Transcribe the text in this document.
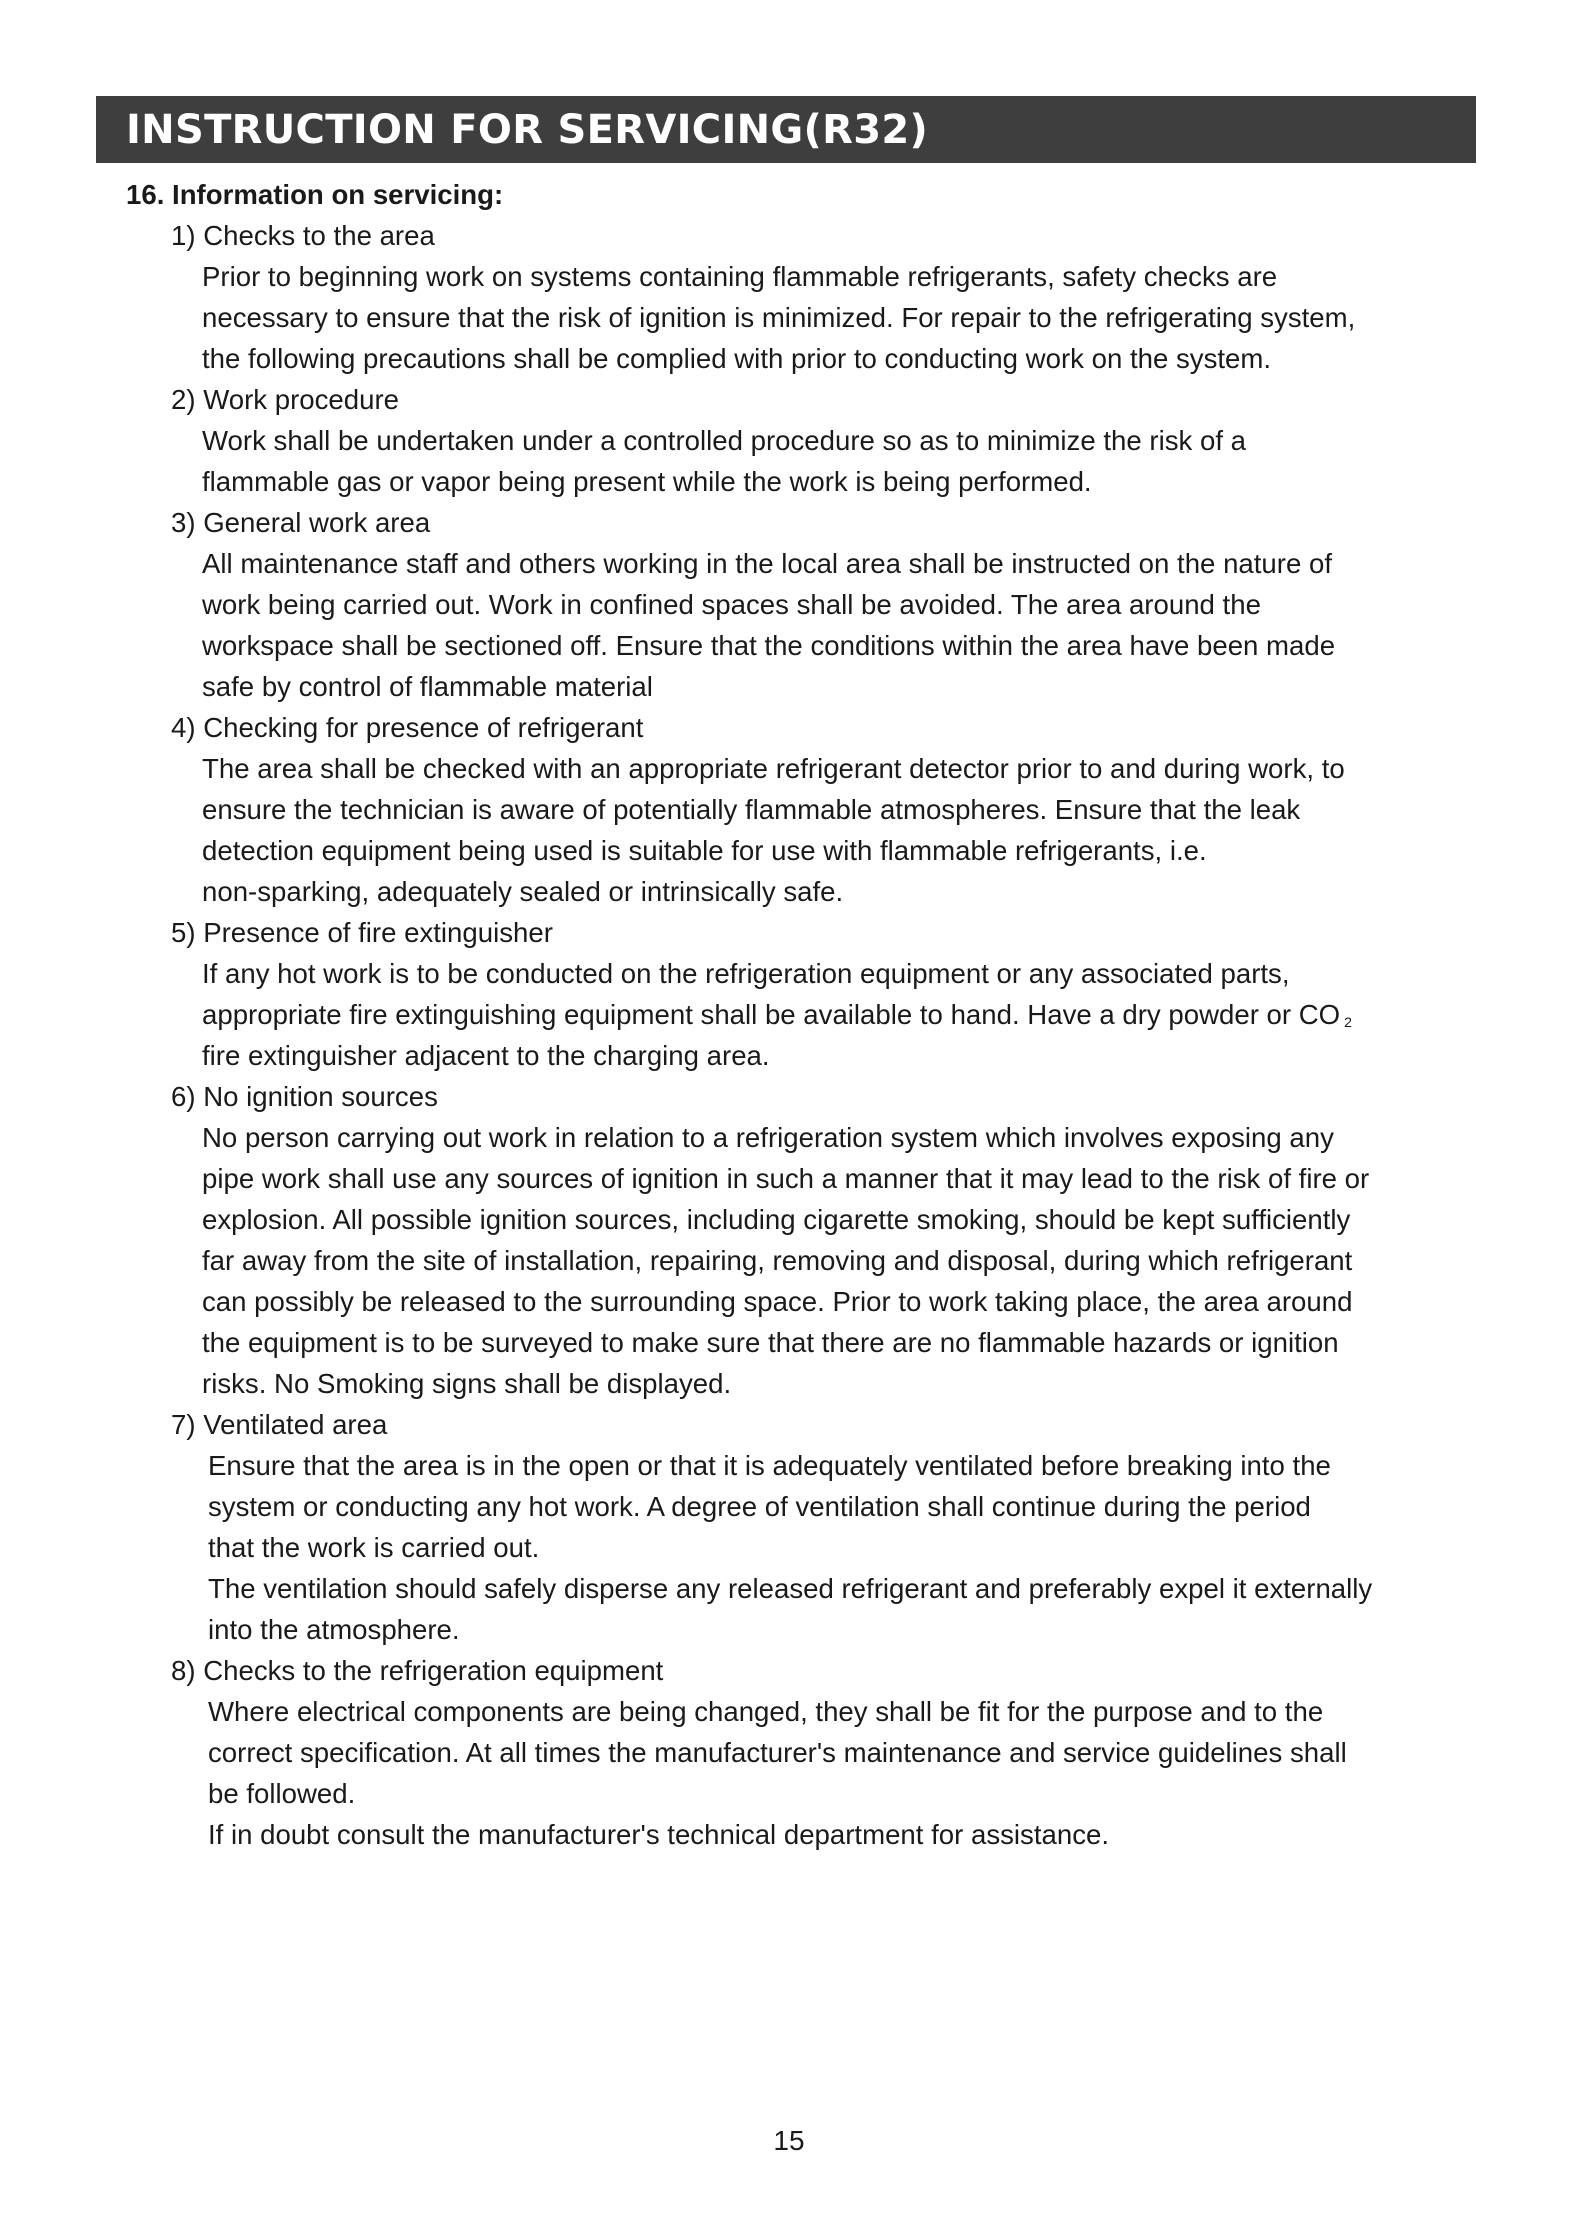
INSTRUCTION FOR SERVICING(R32)
16. Information on servicing:
1) Checks to the area
Prior to beginning work on systems containing flammable refrigerants, safety checks are
necessary to ensure that the risk of ignition is minimized. For repair to the refrigerating system,
the following precautions shall be complied with prior to conducting work on the system.
2) Work procedure
Work shall be undertaken under a controlled procedure so as to minimize the risk of a
flammable gas or vapor being present while the work is being performed.
3) General work area
All maintenance staff and others working in the local area shall be instructed on the nature of
work being carried out. Work in confined spaces shall be avoided. The area around the
workspace shall be sectioned off. Ensure that the conditions within the area have been made
safe by control of flammable material
4) Checking for presence of refrigerant
The area shall be checked with an appropriate refrigerant detector prior to and during work, to
ensure the technician is aware of potentially flammable atmospheres. Ensure that the leak
detection equipment being used is suitable for use with flammable refrigerants, i.e.
non-sparking, adequately sealed or intrinsically safe.
5) Presence of fire extinguisher
If any hot work is to be conducted on the refrigeration equipment or any associated parts,
appropriate fire extinguishing equipment shall be available to hand. Have a dry powder or CO $_2$
fire extinguisher adjacent to the charging area.
6) No ignition sources
No person carrying out work in relation to a refrigeration system which involves exposing any
pipe work shall use any sources of ignition in such a manner that it may lead to the risk of fire or
explosion. All possible ignition sources, including cigarette smoking, should be kept sufficiently
far away from the site of installation, repairing, removing and disposal, during which refrigerant
can possibly be released to the surrounding space. Prior to work taking place, the area around
the equipment is to be surveyed to make sure that there are no flammable hazards or ignition
risks. No Smoking signs shall be displayed.
7) Ventilated area
Ensure that the area is in the open or that it is adequately ventilated before breaking into the
system or conducting any hot work. A degree of ventilation shall continue during the period
that the work is carried out.
The ventilation should safely disperse any released refrigerant and preferably expel it externally
into the atmosphere.
8) Checks to the refrigeration equipment
Where electrical components are being changed, they shall be fit for the purpose and to the
correct specification. At all times the manufacturer's maintenance and service guidelines shall
be followed.
If in doubt consult the manufacturer's technical department for assistance.
15
